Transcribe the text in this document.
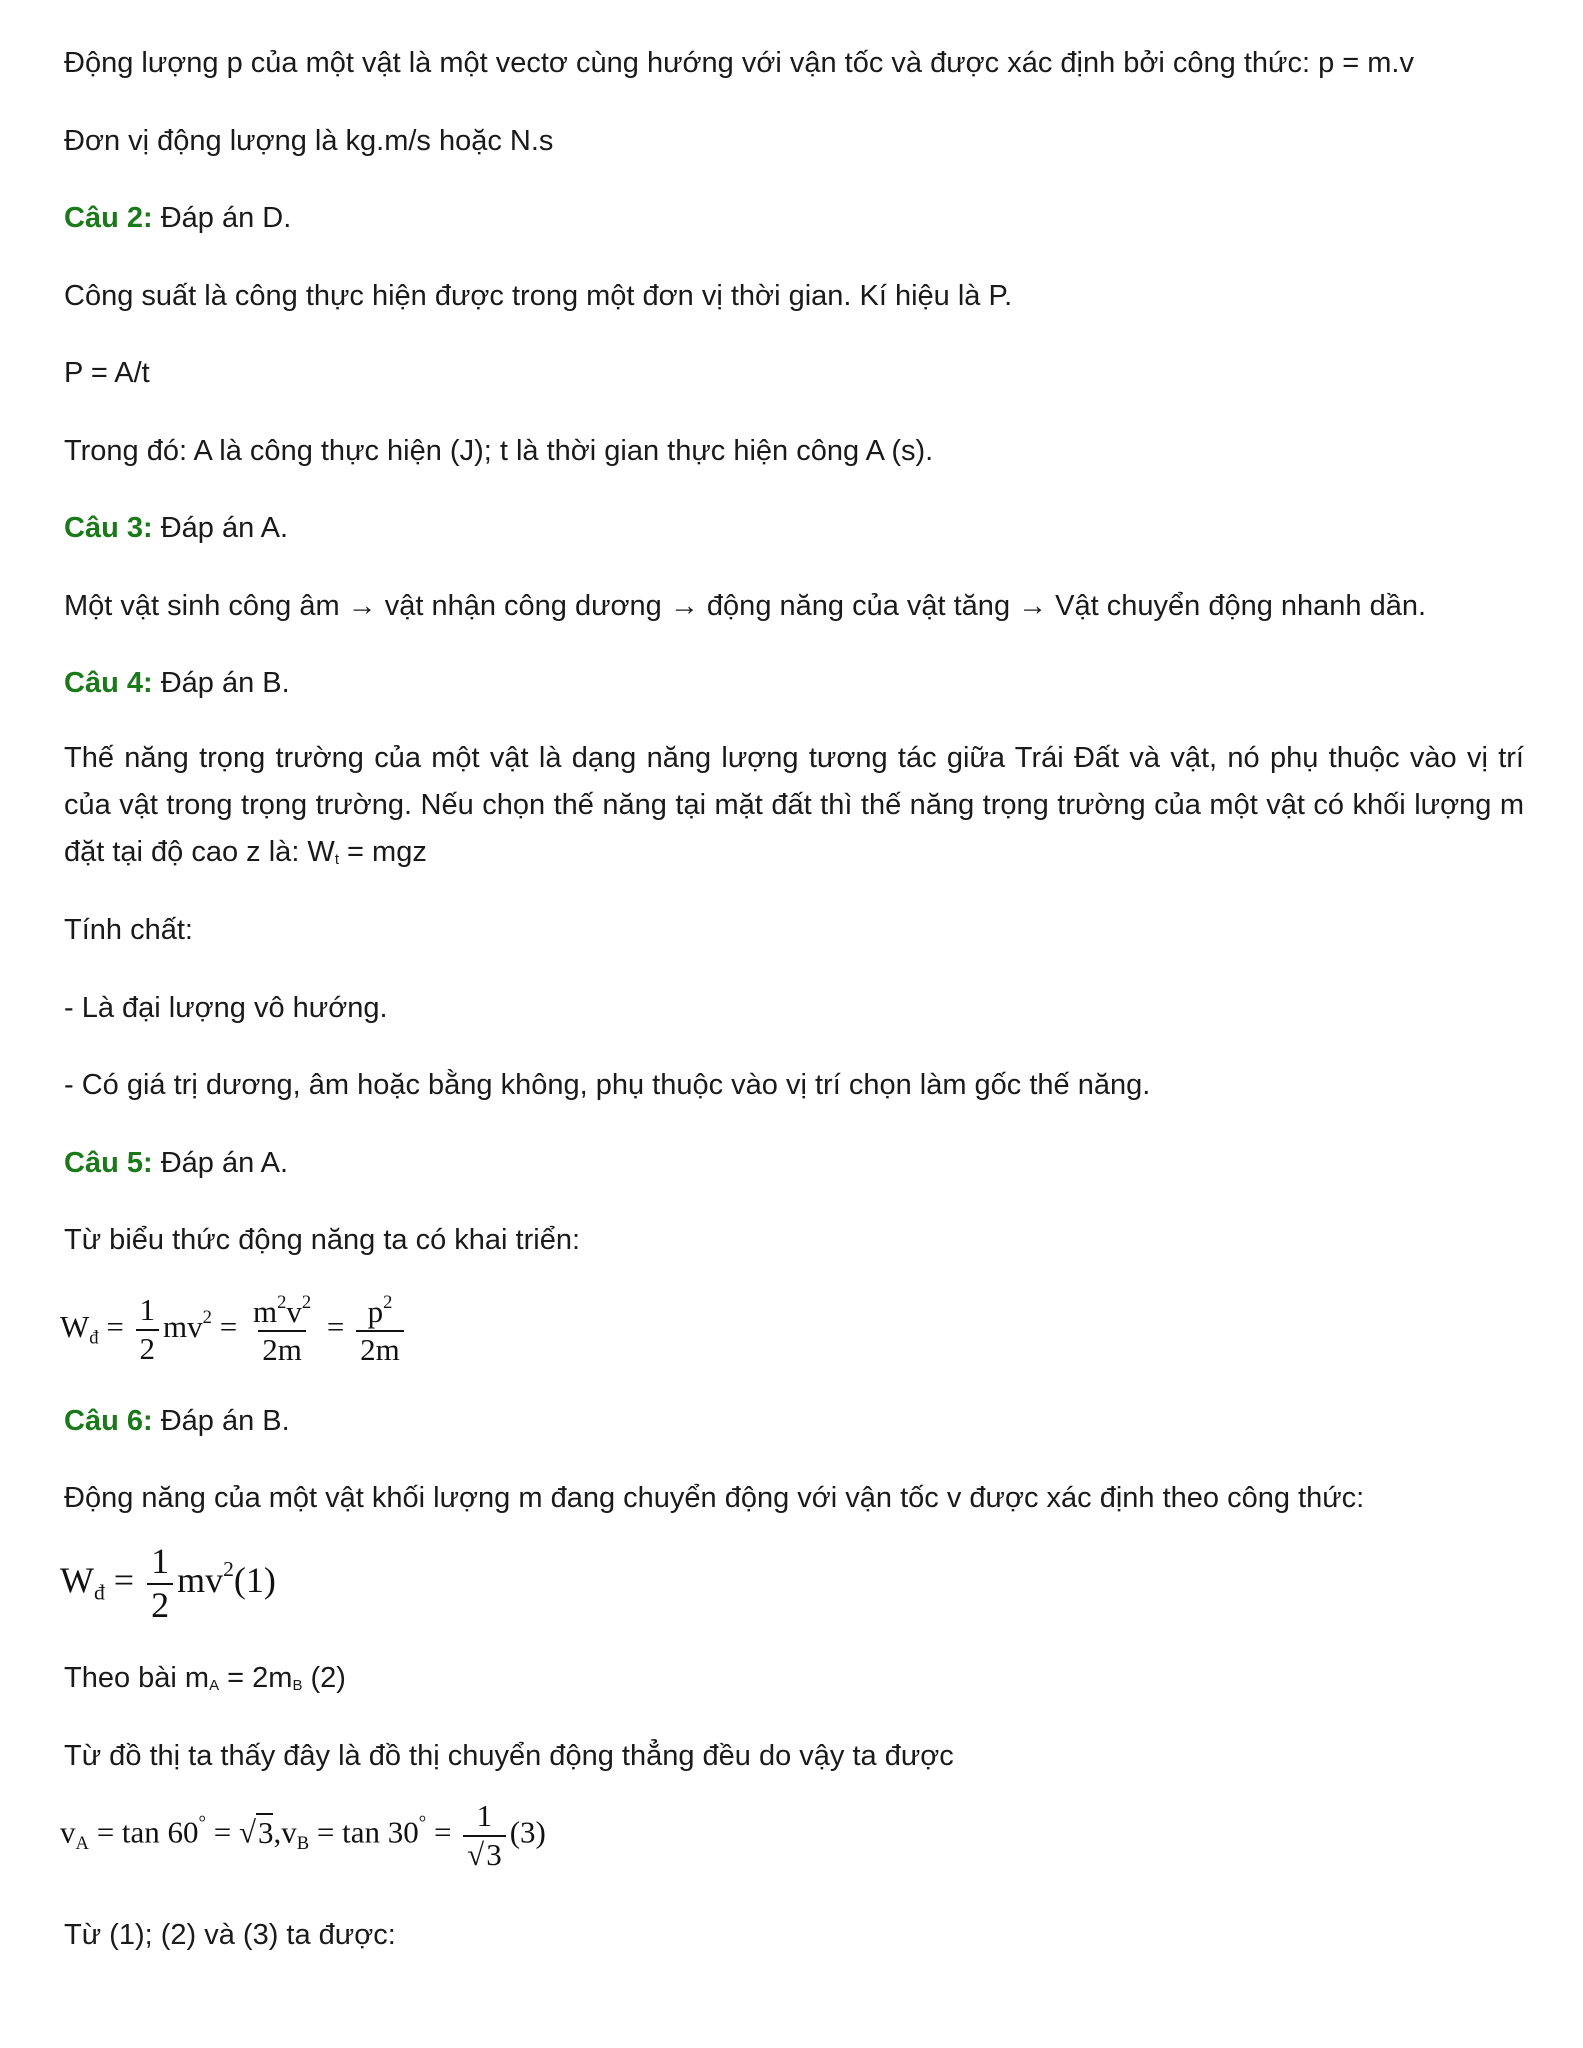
Động lượng p của một vật là một vectơ cùng hướng với vận tốc và được xác định bởi công thức: p = m.v
Đơn vị động lượng là kg.m/s hoặc N.s
Câu 2: Đáp án D.
Công suất là công thực hiện được trong một đơn vị thời gian. Kí hiệu là P.
P = A/t
Trong đó: A là công thực hiện (J); t là thời gian thực hiện công A (s).
Câu 3: Đáp án A.
Một vật sinh công âm → vật nhận công dương → động năng của vật tăng → Vật chuyển động nhanh dần.
Câu 4: Đáp án B.
Thế năng trọng trường của một vật là dạng năng lượng tương tác giữa Trái Đất và vật, nó phụ thuộc vào vị trí của vật trong trọng trường. Nếu chọn thế năng tại mặt đất thì thế năng trọng trường của một vật có khối lượng m đặt tại độ cao z là: $W_t$ = mgz
Tính chất:
- Là đại lượng vô hướng.
- Có giá trị dương, âm hoặc bằng không, phụ thuộc vào vị trí chọn làm gốc thế năng.
Câu 5: Đáp án A.
Từ biểu thức động năng ta có khai triển:
$W_đ = \frac{1}{2} mv^2 = \frac{m^2v^2}{2m} = \frac{p^2}{2m}$
Câu 6: Đáp án B.
Động năng của một vật khối lượng m đang chuyển động với vận tốc v được xác định theo công thức:
$W_đ = \frac{1}{2} mv^2(1)$
Theo bài $m_A = 2m_B$ (2)
Từ đồ thị ta thấy đây là đồ thị chuyển động thẳng đều do vậy ta được
$v_A = \tan 60^\circ = √3,v_B = \tan 30^\circ = \frac{1}{√3} (3)$
Từ (1); (2) và (3) ta được:
